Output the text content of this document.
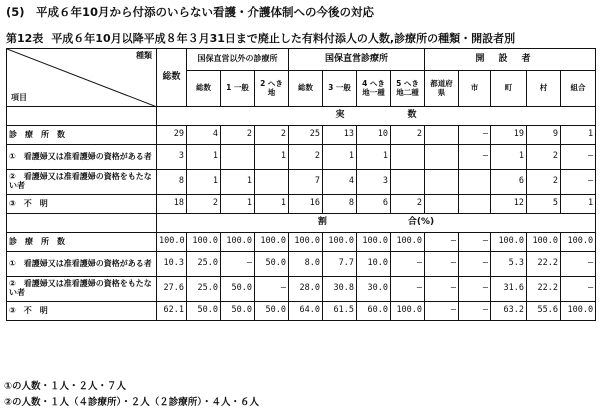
(5)　平成６年10月から付添のいらない看護・介護体制への今後の対応
第12表 平成６年10月以降平成８年３月31日まで廃止した有料付添人の人数,診療所の種類・開設者別
種類
項目	総数	国保直営以外の診療所			国保直営診療所				開設者				
		総数	1 一般	2 へき地	総数	3 一般	4 へき地一種	5 へき地二種	都道府県	市	町	村	組合
	実　　　　　　　数												
診　療　所　数	29	4	2	2	25	13	10	2		—	19	9	1
①　看護婦又は准看護婦の資格がある者	3	1		1	2	1	1			—	1	2	—
②　看護婦又は准看護婦の資格をもたない者	8	1	1		7	4	3				6	2	—
③　不　明	18	2	1	1	16	8	6	2			12	5	1
	割　　　　　　　　　合(%)												
診　療　所　数	100.0	100.0	100.0	100.0	100.0	100.0	100.0	100.0	—	—	100.0	100.0	100.0
①　看護婦又は准看護婦の資格がある者	10.3	25.0	—	50.0	8.0	7.7	10.0	—	—	—	5.3	22.2	—
②　看護婦又は准看護婦の資格をもたない者	27.6	25.0	50.0	—	28.0	30.8	30.0	—	—	—	31.6	22.2	—
③　不　明	62.1	50.0	50.0	50.0	64.0	61.5	60.0	100.0	—	—	63.2	55.6	100.0
①の人数・１人・２人・７人
②の人数・１人（４診療所）・２人（２診療所）・４人・６人
